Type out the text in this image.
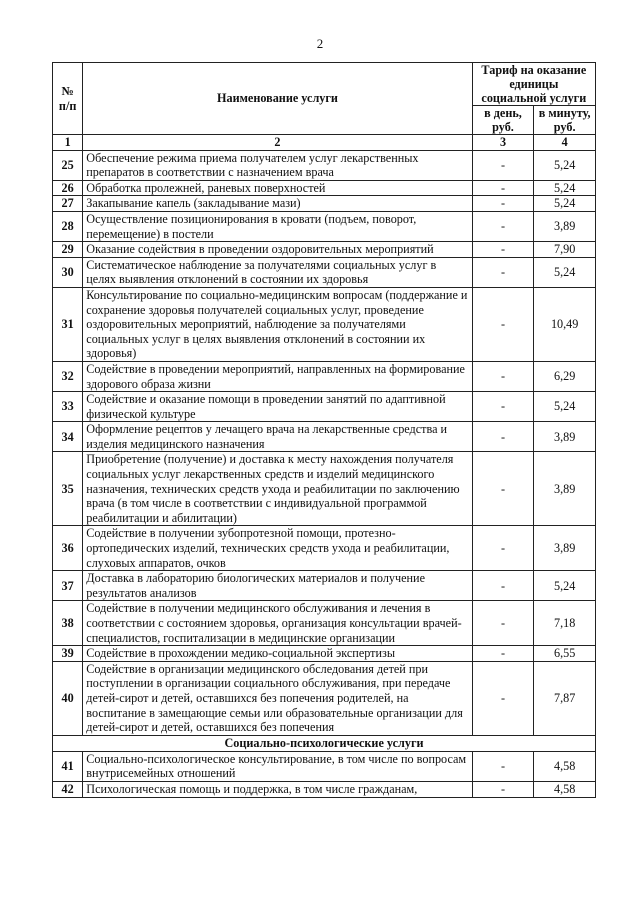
2
№ п/п	Наименование услуги	Тариф на оказание единицы социальной услуги	
		в день, руб.	в минуту, руб.
1	2	3	4
25	Обеспечение режима приема получателем услуг лекарственных препаратов в соответствии с назначением врача	-	5,24
26	Обработка пролежней, раневых поверхностей	-	5,24
27	Закапывание капель (закладывание мази)	-	5,24
28	Осуществление позиционирования в кровати (подъем, поворот, перемещение) в постели	-	3,89
29	Оказание содействия в проведении оздоровительных мероприятий	-	7,90
30	Систематическое наблюдение за получателями социальных услуг в целях выявления отклонений в состоянии их здоровья	-	5,24
31	Консультирование по социально-медицинским вопросам (поддержание и сохранение здоровья получателей социальных услуг, проведение оздоровительных мероприятий, наблюдение за получателями социальных услуг в целях выявления отклонений в состоянии их здоровья)	-	10,49
32	Содействие в проведении мероприятий, направленных на формирование здорового образа жизни	-	6,29
33	Содействие и оказание помощи в проведении занятий по адаптивной физической культуре	-	5,24
34	Оформление рецептов у лечащего врача на лекарственные средства и изделия медицинского назначения	-	3,89
35	Приобретение (получение) и доставка к месту нахождения получателя социальных услуг лекарственных средств и изделий медицинского назначения, технических средств ухода и реабилитации по заключению врача (в том числе в соответствии с индивидуальной программой реабилитации и абилитации)	-	3,89
36	Содействие в получении зубопротезной помощи, протезно-ортопедических изделий, технических средств ухода и реабилитации, слуховых аппаратов, очков	-	3,89
37	Доставка в лабораторию биологических материалов и получение результатов анализов	-	5,24
38	Содействие в получении медицинского обслуживания и лечения в соответствии с состоянием здоровья, организация консультации врачей-специалистов, госпитализации в медицинские организации	-	7,18
39	Содействие в прохождении медико-социальной экспертизы	-	6,55
40	Содействие в организации медицинского обследования детей при поступлении в организации социального обслуживания, при передаче детей-сирот и детей, оставшихся без попечения родителей, на воспитание в замещающие семьи или образовательные организации для детей-сирот и детей, оставшихся без попечения	-	7,87
Социально-психологические услуги			
41	Социально-психологическое консультирование, в том числе по вопросам внутрисемейных отношений	-	4,58
42	Психологическая помощь и поддержка, в том числе гражданам,	-	4,58
